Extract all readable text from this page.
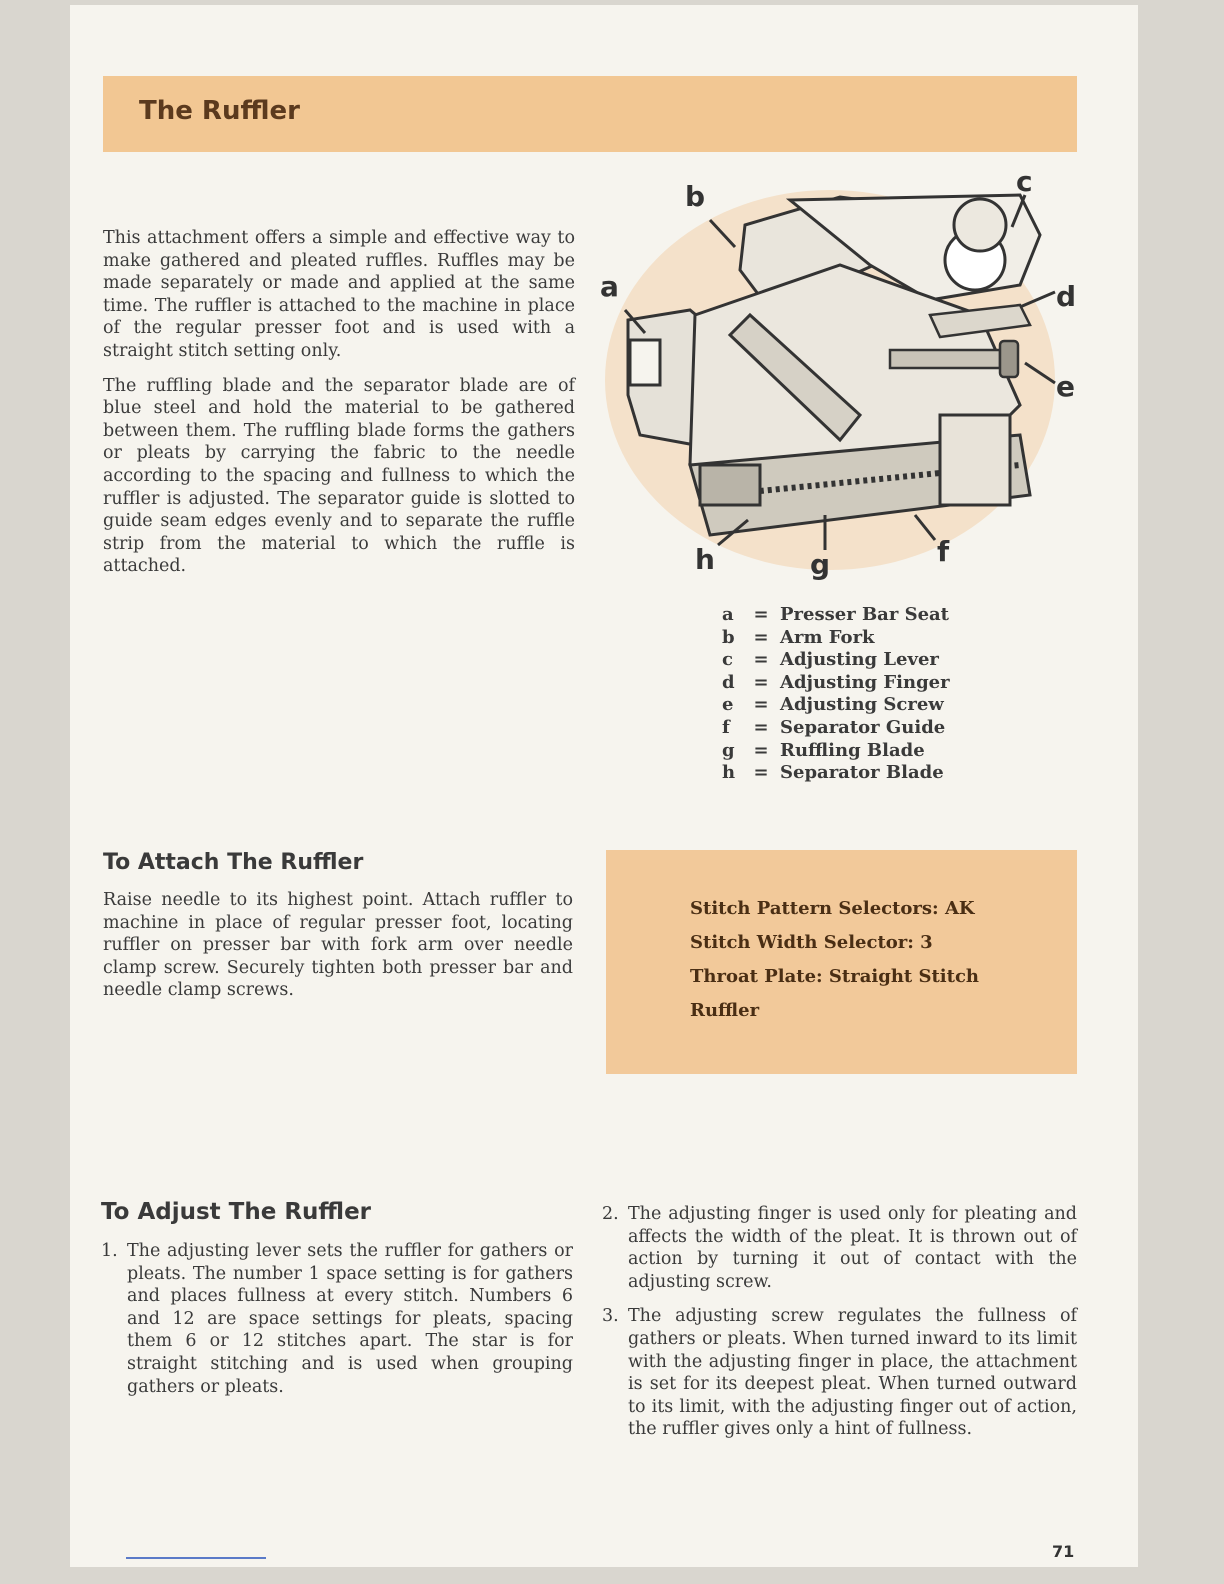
The Ruffler

This attachment offers a simple and effective way to make gathered and pleated ruffles. Ruffles may be made separately or made and applied at the same time. The ruffler is attached to the machine in place of the regular presser foot and is used with a straight stitch setting only.

The ruffling blade and the separator blade are of blue steel and hold the material to be gathered between them. The ruffling blade forms the gathers or pleats by carrying the fabric to the needle according to the spacing and fullness to which the ruffler is adjusted. The separator guide is slotted to guide seam edges evenly and to separate the ruffle strip from the material to which the ruffle is attached.

a
b	c
d
e
f
g
h
a = Presser Bar Seat
b = Arm Fork
c = Adjusting Lever
d = Adjusting Finger
e = Adjusting Screw
f = Separator Guide
g = Ruffling Blade
h = Separator Blade
To Attach The Ruffler

Raise needle to its highest point. Attach ruffler to machine in place of regular presser foot, locating ruffler on presser bar with fork arm over needle clamp screw. Securely tighten both presser bar and needle clamp screws.

Stitch Pattern Selectors: AK
Stitch Width Selector: 3
Throat Plate: Straight Stitch
Ruffler
To Adjust The Ruffler
1. The adjusting lever sets the ruffler for gathers or pleats. The number 1 space setting is for gathers and places fullness at every stitch. Numbers 6 and 12 are space settings for pleats, spacing them 6 or 12 stitches apart. The star is for straight stitching and is used when grouping gathers or pleats.
2. The adjusting finger is used only for pleating and affects the width of the pleat. It is thrown out of action by turning it out of contact with the adjusting screw.
3. The adjusting screw regulates the fullness of gathers or pleats. When turned inward to its limit with the adjusting finger in place, the attachment is set for its deepest pleat. When turned outward to its limit, with the adjusting finger out of action, the ruffler gives only a hint of fullness.
71
